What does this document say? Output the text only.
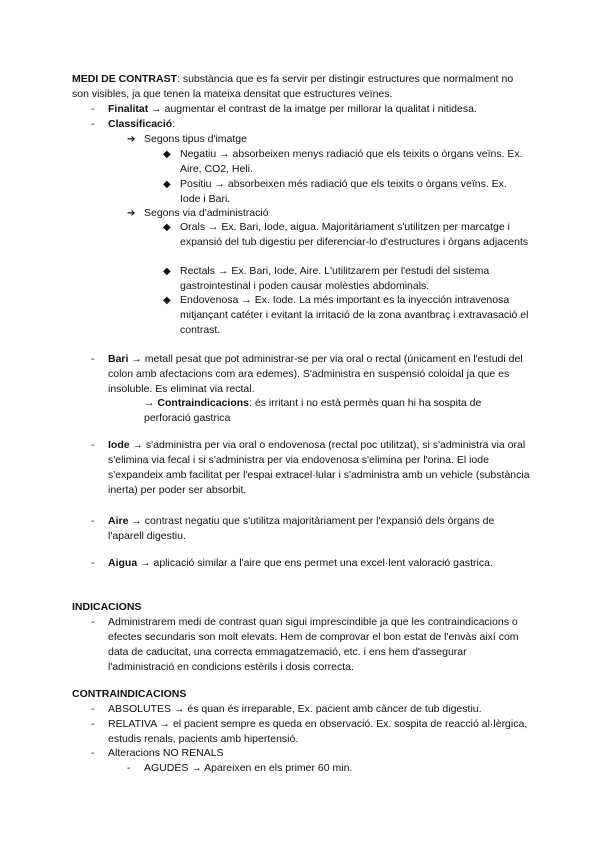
MEDI DE CONTRAST: substància que es fa servir per distingir estructures que normalment no son visibles, ja que tenen la mateixa densitat que estructures veïnes.
- Finalitat → augmentar el contrast de la imatge per millorar la qualitat i nitidesa.
- Classificació:
➔ Segons tipus d'imatge
◆ Negatiu → absorbeixen menys radiació que els teixits o òrgans veïns. Ex. Aire, CO2, Heli.
◆ Positiu → absorbeixen més radiació que els teixits o òrgans veïns. Ex. Iode i Bari.
➔ Segons via d'administració
◆ Orals → Ex. Bari, Iode, aigua. Majoritàriament s'utilitzen per marcatge i expansió del tub digestiu per diferenciar-lo d'estructures i òrgans adjacents
◆ Rectals → Ex. Bari, Iode, Aire. L'utilitzarem per l'estudi del sistema gastrointestinal i poden causar molèsties abdominals.
◆ Endovenosa → Ex. Iode. La més important es la inyección intravenosa mitjançant catéter i evitant la irritació de la zona avantbraç i extravasació el contrast.
- Bari → metall pesat que pot administrar-se per via oral o rectal (únicament en l'estudi del colon amb afectacions com ara edemes). S'administra en suspensió coloidal ja que es insoluble. Es eliminat via rectal.
→ Contraindicacions: és irritant i no està permès quan hi ha sospita de perforació gastrica
- Iode → s'administra per via oral o endovenosa (rectal poc utilitzat), si s'administra via oral s'elimina via fecal i si s'administra per via endovenosa s'elimina per l'orina. El iode s'expandeix amb facilitat per l'espai extracel·lular i s'administra amb un vehicle (substància inerta) per poder ser absorbit.
- Aire → contrast negatiu que s'utilitza majoritàriament per l'expansió dels òrgans de l'aparell digestiu.
- Aigua → aplicació similar a l'aire que ens permet una excel·lent valoració gastrica.
INDICACIONS
- Administrarem medi de contrast quan sigui imprescindible ja que les contraindicacions o efectes secundaris son molt elevats. Hem de comprovar el bon estat de l'envàs així com data de caducitat, una correcta emmagatzemació, etc. i ens hem d'assegurar l'administració en condicions estèrils i dosis correcta.
CONTRAINDICACIONS
- ABSOLUTES → és quan és irreparable, Ex. pacient amb càncer de tub digestiu.
- RELATIVA → el pacient sempre es queda en observació. Ex. sospita de reacció al·lèrgica, estudis renals, pacients amb hipertensió.
- Alteracions NO RENALS
- AGUDES → Apareixen en els primer 60 min.
